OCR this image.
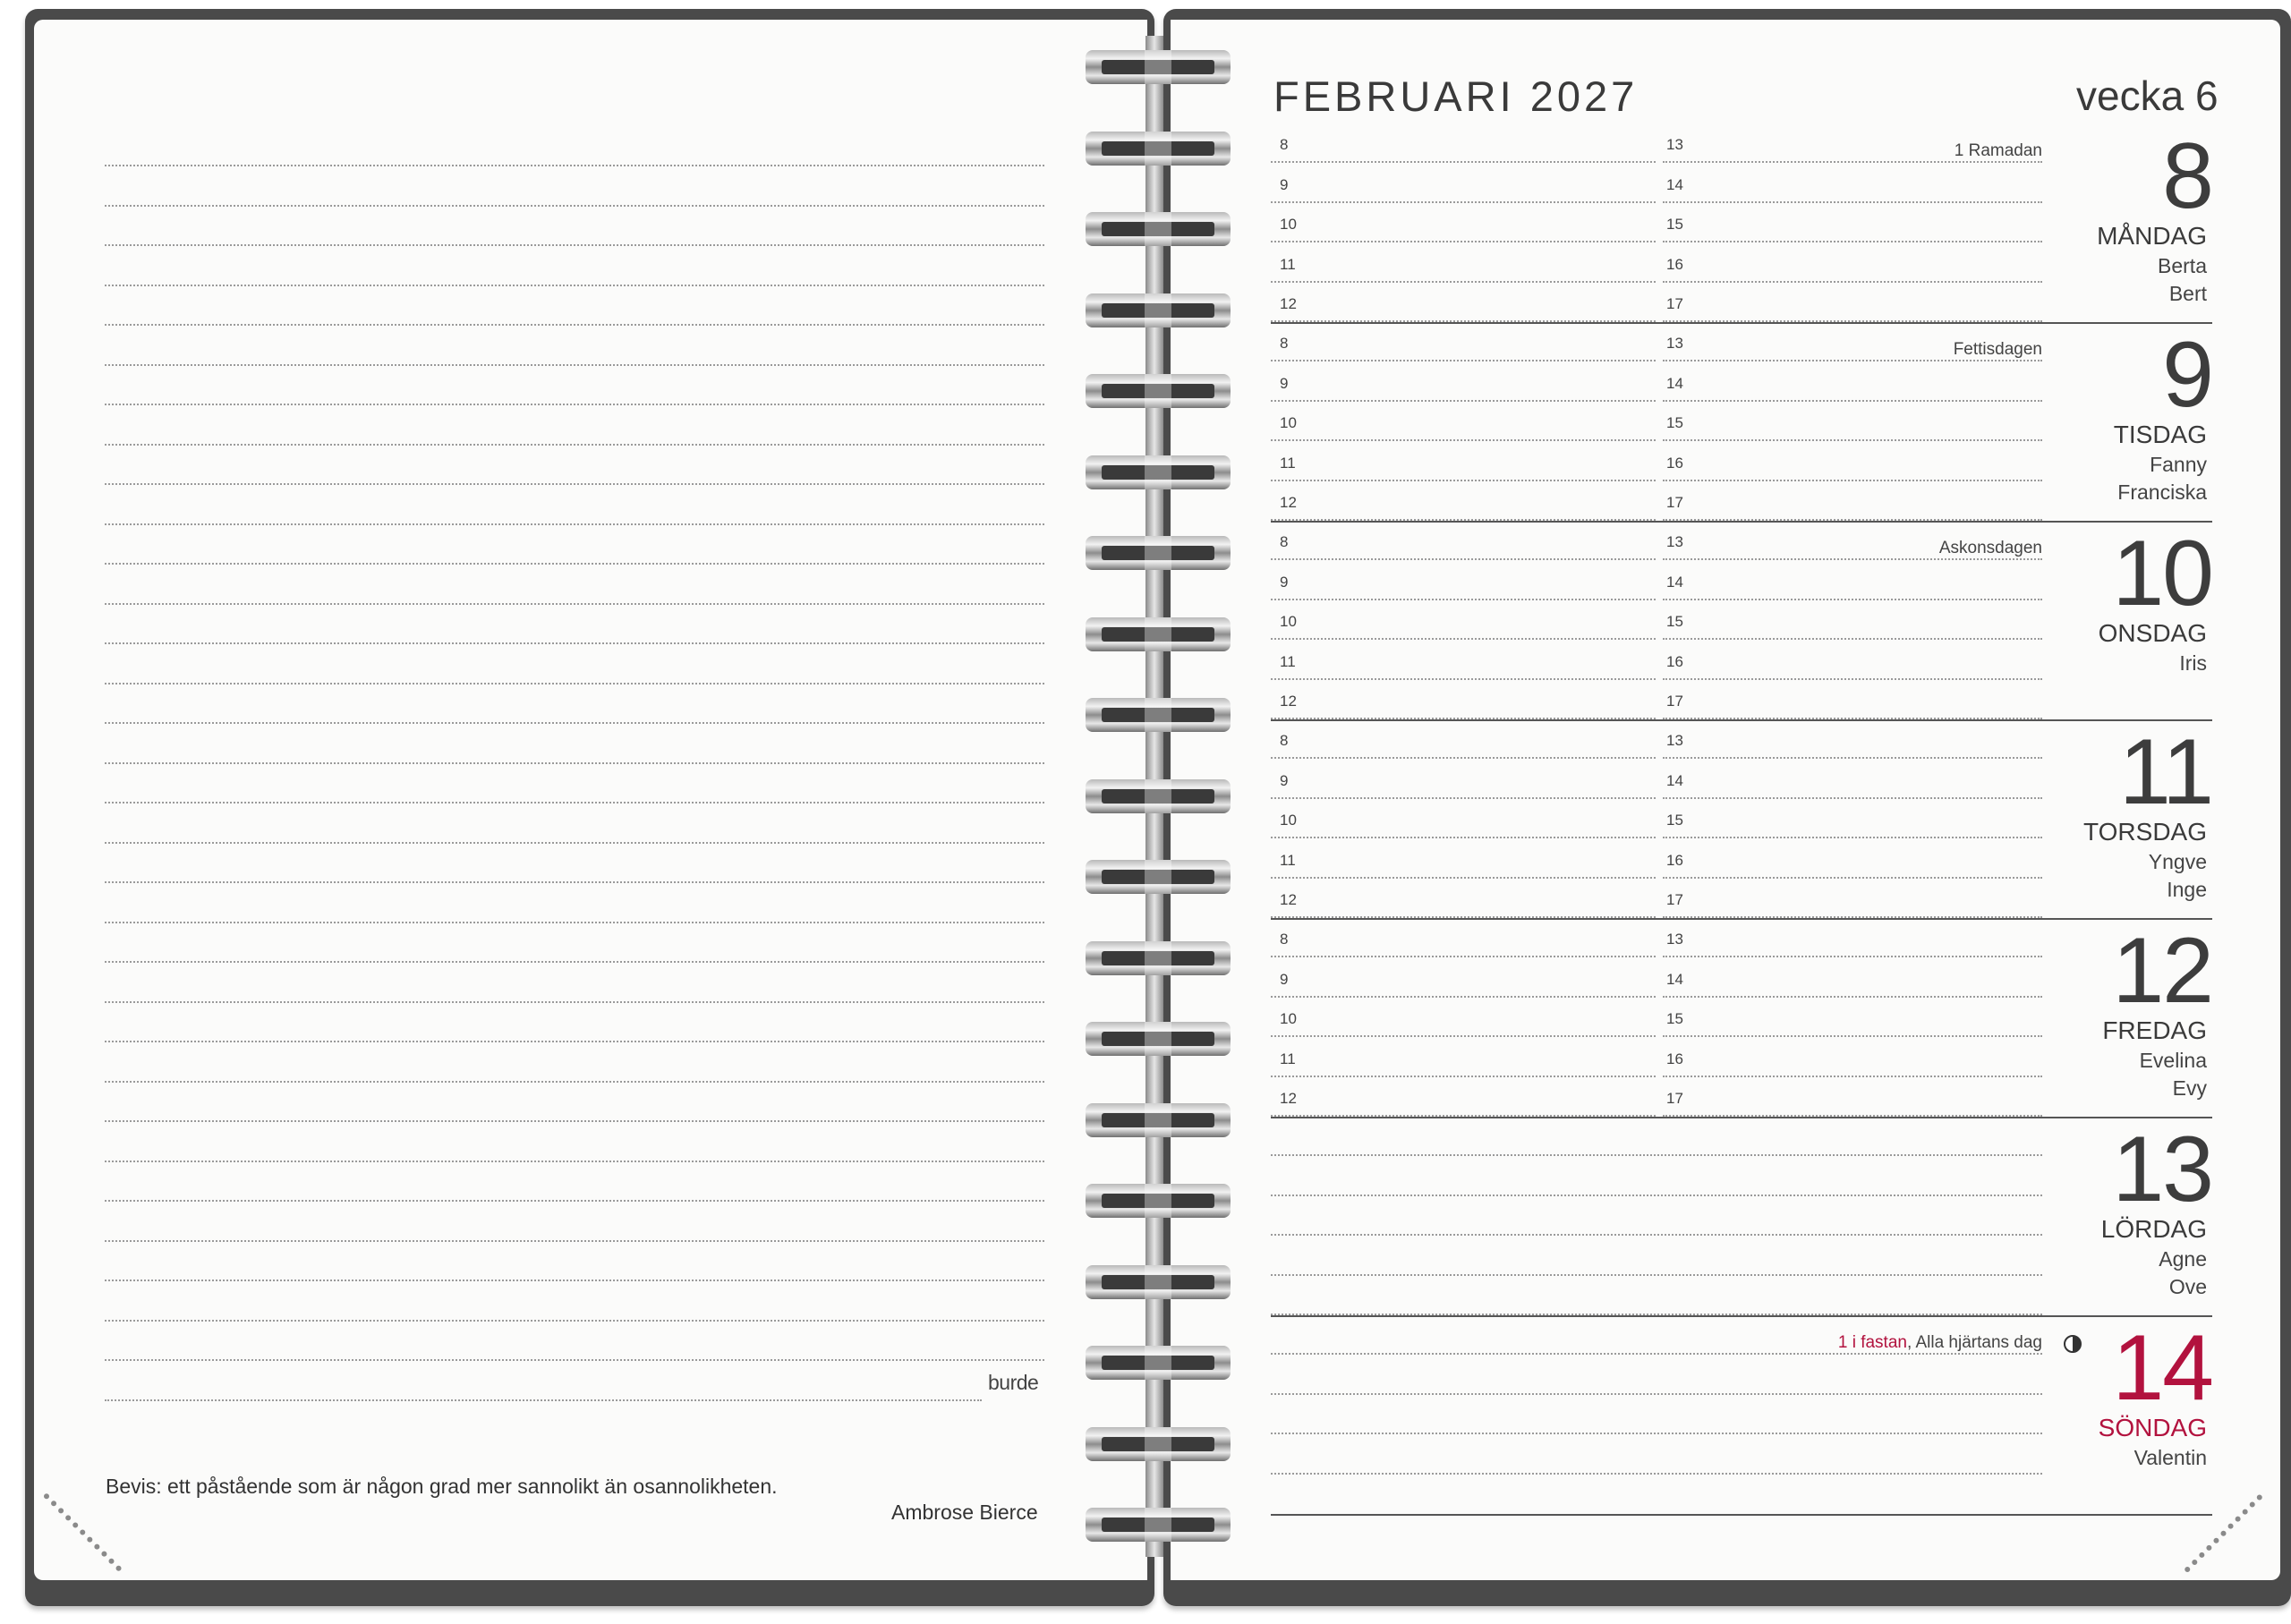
burde
Bevis: ett påstående som är någon grad mer sannolikt än osannolikheten.
Ambrose Bierce
FEBRUARI 2027	vecka 6
8
9
10
11
12
13
14
15
16
17
1 Ramadan 8
MÅNDAG
Berta
Bert
8
9
10
11
12
13
14
15
16
17
Fettisdagen 9
TISDAG
Fanny
Franciska
8
9
10
11
12
13
14
15
16
17
Askonsdagen 10
ONSDAG
Iris
8
9
10
11
12
13
14
15
16
17
11
TORSDAG
Yngve
Inge
8
9
10
11
12
13
14
15
16
17
12
FREDAG
Evelina
Evy
13
LÖRDAG
Agne
Ove
1 i fastan, Alla hjärtans dag 14
SÖNDAG
Valentin
